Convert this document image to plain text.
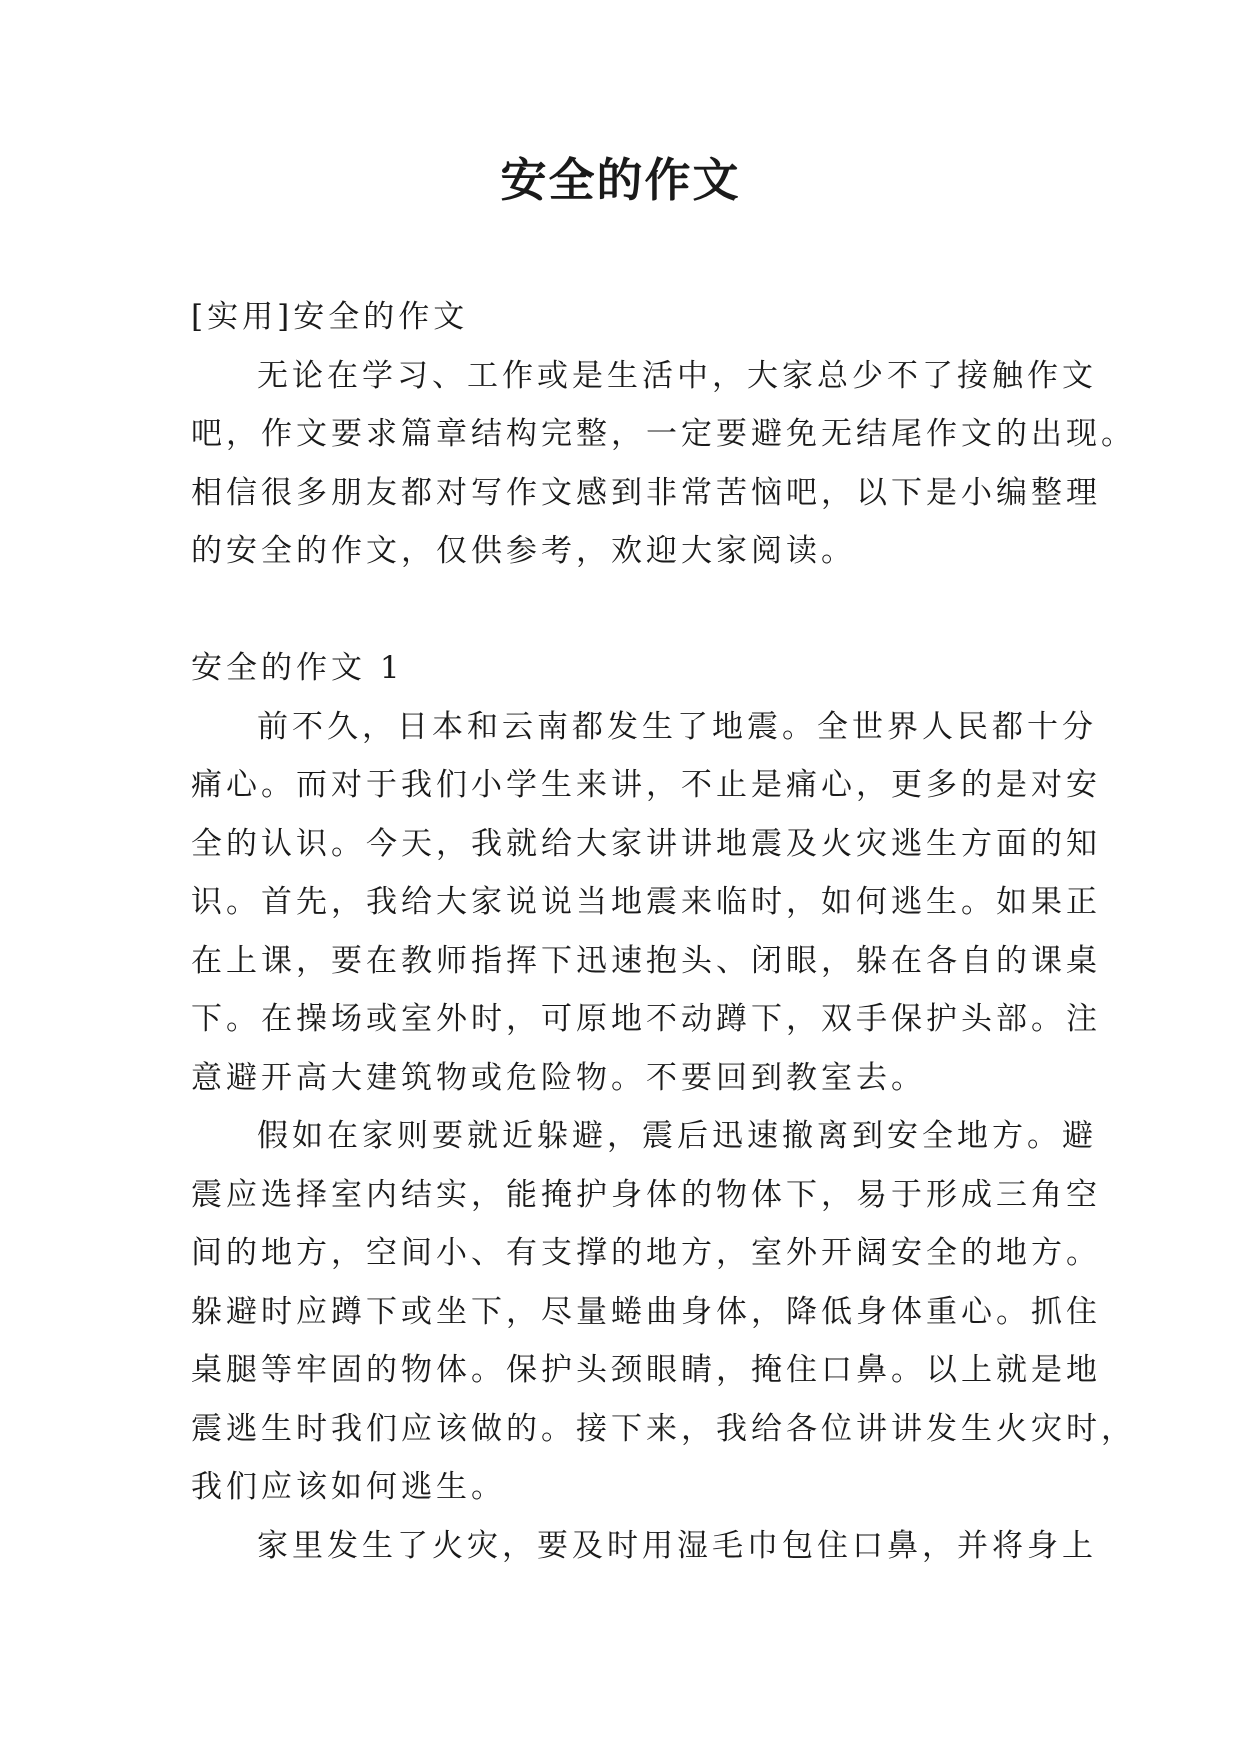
安全的作文
[实用]安全的作文
无论在学习、工作或是生活中，大家总少不了接触作文
吧，作文要求篇章结构完整，一定要避免无结尾作文的出现。
相信很多朋友都对写作文感到非常苦恼吧，以下是小编整理
的安全的作文，仅供参考，欢迎大家阅读。
安全的作文 1
前不久，日本和云南都发生了地震。全世界人民都十分
痛心。而对于我们小学生来讲，不止是痛心，更多的是对安
全的认识。今天，我就给大家讲讲地震及火灾逃生方面的知
识。首先，我给大家说说当地震来临时，如何逃生。如果正
在上课，要在教师指挥下迅速抱头、闭眼，躲在各自的课桌
下。在操场或室外时，可原地不动蹲下，双手保护头部。注
意避开高大建筑物或危险物。不要回到教室去。
假如在家则要就近躲避，震后迅速撤离到安全地方。避
震应选择室内结实，能掩护身体的物体下，易于形成三角空
间的地方，空间小、有支撑的地方，室外开阔安全的地方。
躲避时应蹲下或坐下，尽量蜷曲身体，降低身体重心。抓住
桌腿等牢固的物体。保护头颈眼睛，掩住口鼻。以上就是地
震逃生时我们应该做的。接下来，我给各位讲讲发生火灾时，
我们应该如何逃生。
家里发生了火灾，要及时用湿毛巾包住口鼻，并将身上
